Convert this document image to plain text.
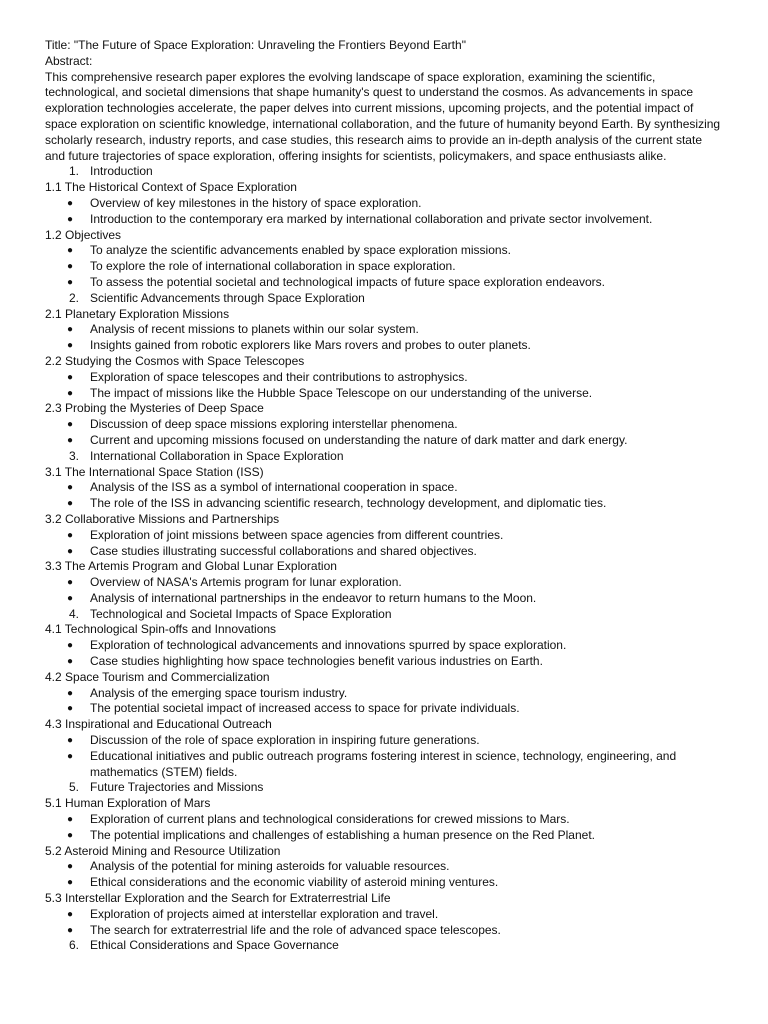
Title: "The Future of Space Exploration: Unraveling the Frontiers Beyond Earth"

Abstract:

This comprehensive research paper explores the evolving landscape of space exploration, examining the scientific, technological, and societal dimensions that shape humanity's quest to understand the cosmos. As advancements in space exploration technologies accelerate, the paper delves into current missions, upcoming projects, and the potential impact of space exploration on scientific knowledge, international collaboration, and the future of humanity beyond Earth. By synthesizing scholarly research, industry reports, and case studies, this research aims to provide an in-depth analysis of the current state and future trajectories of space exploration, offering insights for scientists, policymakers, and space enthusiasts alike.

1. Introduction

1.1 The Historical Context of Space Exploration

●	Overview of key milestones in the history of space exploration.
●	Introduction to the contemporary era marked by international collaboration and private sector involvement.

1.2 Objectives

●	To analyze the scientific advancements enabled by space exploration missions.
●	To explore the role of international collaboration in space exploration.
●	To assess the potential societal and technological impacts of future space exploration endeavors.
2. Scientific Advancements through Space Exploration

2.1 Planetary Exploration Missions

●	Analysis of recent missions to planets within our solar system.
●	Insights gained from robotic explorers like Mars rovers and probes to outer planets.

2.2 Studying the Cosmos with Space Telescopes

●	Exploration of space telescopes and their contributions to astrophysics.
●	The impact of missions like the Hubble Space Telescope on our understanding of the universe.

2.3 Probing the Mysteries of Deep Space

●	Discussion of deep space missions exploring interstellar phenomena.
●	Current and upcoming missions focused on understanding the nature of dark matter and dark energy.
3. International Collaboration in Space Exploration

3.1 The International Space Station (ISS)

●	Analysis of the ISS as a symbol of international cooperation in space.
●	The role of the ISS in advancing scientific research, technology development, and diplomatic ties.

3.2 Collaborative Missions and Partnerships

●	Exploration of joint missions between space agencies from different countries.
●	Case studies illustrating successful collaborations and shared objectives.

3.3 The Artemis Program and Global Lunar Exploration

●	Overview of NASA's Artemis program for lunar exploration.
●	Analysis of international partnerships in the endeavor to return humans to the Moon.
4. Technological and Societal Impacts of Space Exploration

4.1 Technological Spin-offs and Innovations

●	Exploration of technological advancements and innovations spurred by space exploration.
●	Case studies highlighting how space technologies benefit various industries on Earth.

4.2 Space Tourism and Commercialization

●	Analysis of the emerging space tourism industry.
●	The potential societal impact of increased access to space for private individuals.

4.3 Inspirational and Educational Outreach

●	Discussion of the role of space exploration in inspiring future generations.
●	Educational initiatives and public outreach programs fostering interest in science, technology, engineering, and mathematics (STEM) fields.
5. Future Trajectories and Missions

5.1 Human Exploration of Mars

●	Exploration of current plans and technological considerations for crewed missions to Mars.
●	The potential implications and challenges of establishing a human presence on the Red Planet.

5.2 Asteroid Mining and Resource Utilization

●	Analysis of the potential for mining asteroids for valuable resources.
●	Ethical considerations and the economic viability of asteroid mining ventures.

5.3 Interstellar Exploration and the Search for Extraterrestrial Life

●	Exploration of projects aimed at interstellar exploration and travel.
●	The search for extraterrestrial life and the role of advanced space telescopes.
6. Ethical Considerations and Space Governance
